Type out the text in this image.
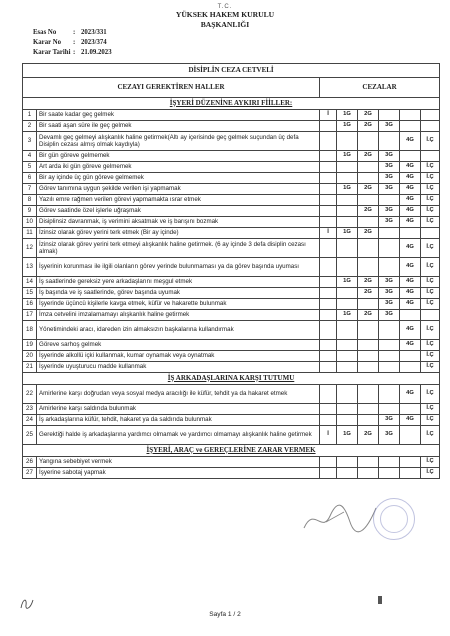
T.C.
YÜKSEK HAKEM KURULU
BAŞKANLIĞI
Esas No : 2023/331
Karar No : 2023/374
Karar Tarihi : 21.09.2023
DİSİPLİN CEZA CETVELİ							
CEZAYI GEREKTİREN HALLER		CEZALAR					
İŞYERİ DÜZENİNE AYKIRI FİİLLER:							
1	Bir saate kadar geç gelmek	İ	1G	2G			
2	Bir saati aşan süre ile geç gelmek		1G	2G	3G		
3	Devamlı geç gelmeyi alışkanlık haline getirmek(Altı ay içerisinde geç gelmek suçundan üç defa Disiplin cezası almış olmak kaydıyla)					4G	İ.Ç
4	Bir gün göreve gelmemek		1G	2G	3G		
5	Art arda iki gün göreve gelmemek				3G	4G	İ.Ç
6	Bir ay içinde üç gün göreve gelmemek				3G	4G	İ.Ç
7	Görev tanımına uygun şekilde verilen işi yapmamak		1G	2G	3G	4G	İ.Ç
8	Yazılı emre rağmen verilen görevi yapmamakta ısrar etmek					4G	İ.Ç
9	Görev saatinde özel işlerle uğraşmak			2G	3G	4G	İ.Ç
10	Disiplinsiz davranmak, iş verimini aksatmak ve iş barışını bozmak				3G	4G	İ.Ç
11	İzinsiz olarak görev yerini terk etmek (Bir ay içinde)	İ	1G	2G			
12	İzinsiz olarak görev yerini terk etmeyi alışkanlık haline getirmek. (6 ay içinde 3 defa disiplin cezası almak)					4G	İ.Ç
13	İşyerinin korunması ile ilgili olanların görev yerinde bulunmaması ya da görev başında uyuması					4G	İ.Ç
14	İş saatlerinde gereksiz yere arkadaşlarını meşgul etmek		1G	2G	3G	4G	İ.Ç
15	İş başında ve iş saatlerinde, görev başında uyumak			2G	3G	4G	İ.Ç
16	İşyerinde üçüncü kişilerle kavga etmek, küfür ve hakarette bulunmak				3G	4G	İ.Ç
17	İmza cetvelini imzalamamayı alışkanlık haline getirmek		1G	2G	3G		
18	Yönetimindeki aracı, idareden izin almaksızın başkalarına kullandırmak					4G	İ.Ç
19	Göreve sarhoş gelmek					4G	İ.Ç
20	İşyerinde alkollü içki kullanmak, kumar oynamak veya oynatmak						İ.Ç
21	İşyerinde uyuşturucu madde kullanmak						İ.Ç
İŞ ARKADAŞLARINA KARŞI TUTUMU							
22	Amirlerine karşı doğrudan veya sosyal medya aracılığı ile küfür, tehdit ya da hakaret etmek					4G	İ.Ç
23	Amirlerine karşı saldırıda bulunmak						İ.Ç
24	İş arkadaşlarına küfür, tehdit, hakaret ya da saldırıda bulunmak				3G	4G	İ.Ç
25	Gerektiği halde iş arkadaşlarına yardımcı olmamak ve yardımcı olmamayı alışkanlık haline getirmek	İ	1G	2G	3G		İ.Ç
İŞYERİ, ARAÇ ve GEREÇLERİNE ZARAR VERMEK							
26	Yangına sebebiyet vermek						İ.Ç
27	İşyerine sabotaj yapmak						İ.Ç
Sayfa 1 / 2
